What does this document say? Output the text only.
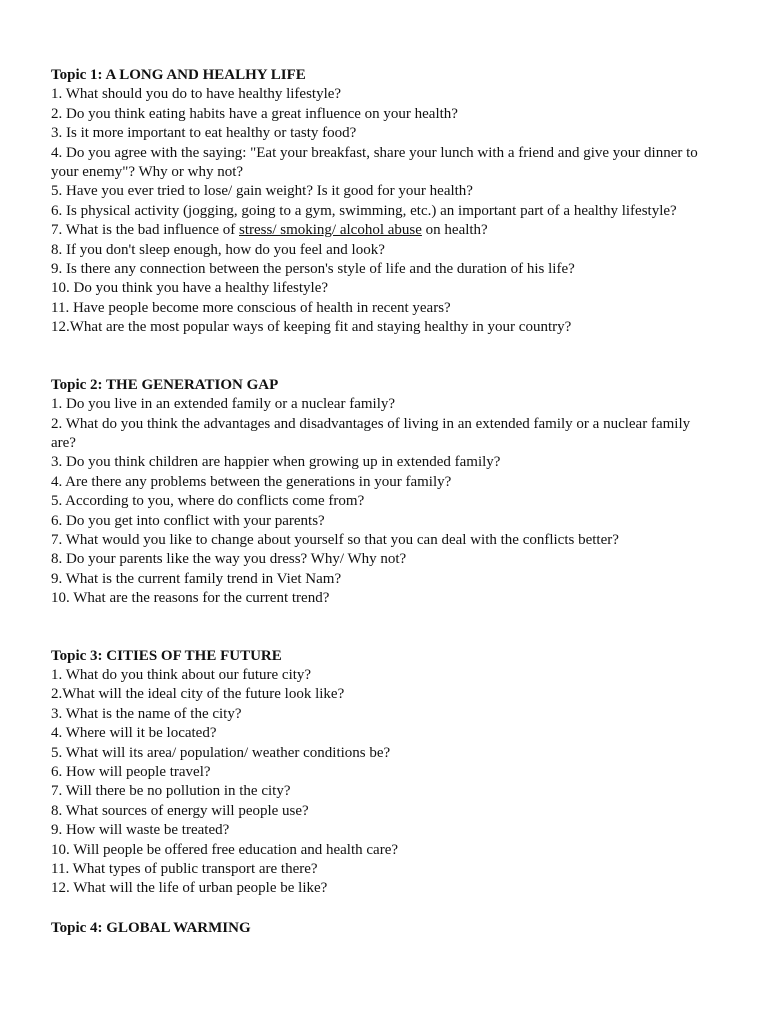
Topic 1: A LONG AND HEALHY LIFE
1. What should you do to have healthy lifestyle?
2. Do you think eating habits have a great influence on your health?
3. Is it more important to eat healthy or tasty food?
4. Do you agree with the saying: "Eat your breakfast, share your lunch with a friend and give your dinner to your enemy"? Why or why not?
5. Have you ever tried to lose/ gain weight? Is it good for your health?
6. Is physical activity (jogging, going to a gym, swimming, etc.) an important part of a healthy lifestyle?
7. What is the bad influence of stress/ smoking/ alcohol abuse on health?
8. If you don't sleep enough, how do you feel and look?
9. Is there any connection between the person's style of life and the duration of his life?
10. Do you think you have a healthy lifestyle?
11. Have people become more conscious of health in recent years?
12.What are the most popular ways of keeping fit and staying healthy in your country?
Topic 2: THE GENERATION GAP
1. Do you live in an extended family or a nuclear family?
2. What do you think the advantages and disadvantages of living in an extended family or a nuclear family are?
3. Do you think children are happier when growing up in extended family?
4. Are there any problems between the generations in your family?
5. According to you, where do conflicts come from?
6. Do you get into conflict with your parents?
7. What would you like to change about yourself so that you can deal with the conflicts better?
8. Do your parents like the way you dress? Why/ Why not?
9. What is the current family trend in Viet Nam?
10. What are the reasons for the current trend?
Topic 3: CITIES OF THE FUTURE
1. What do you think about our future city?
2.What will the ideal city of the future look like?
3. What is the name of the city?
4. Where will it be located?
5. What will its area/ population/ weather conditions be?
6. How will people travel?
7. Will there be no pollution in the city?
8. What sources of energy will people use?
9. How will waste be treated?
10. Will people be offered free education and health care?
11. What types of public transport are there?
12. What will the life of urban people be like?
Topic 4: GLOBAL WARMING
